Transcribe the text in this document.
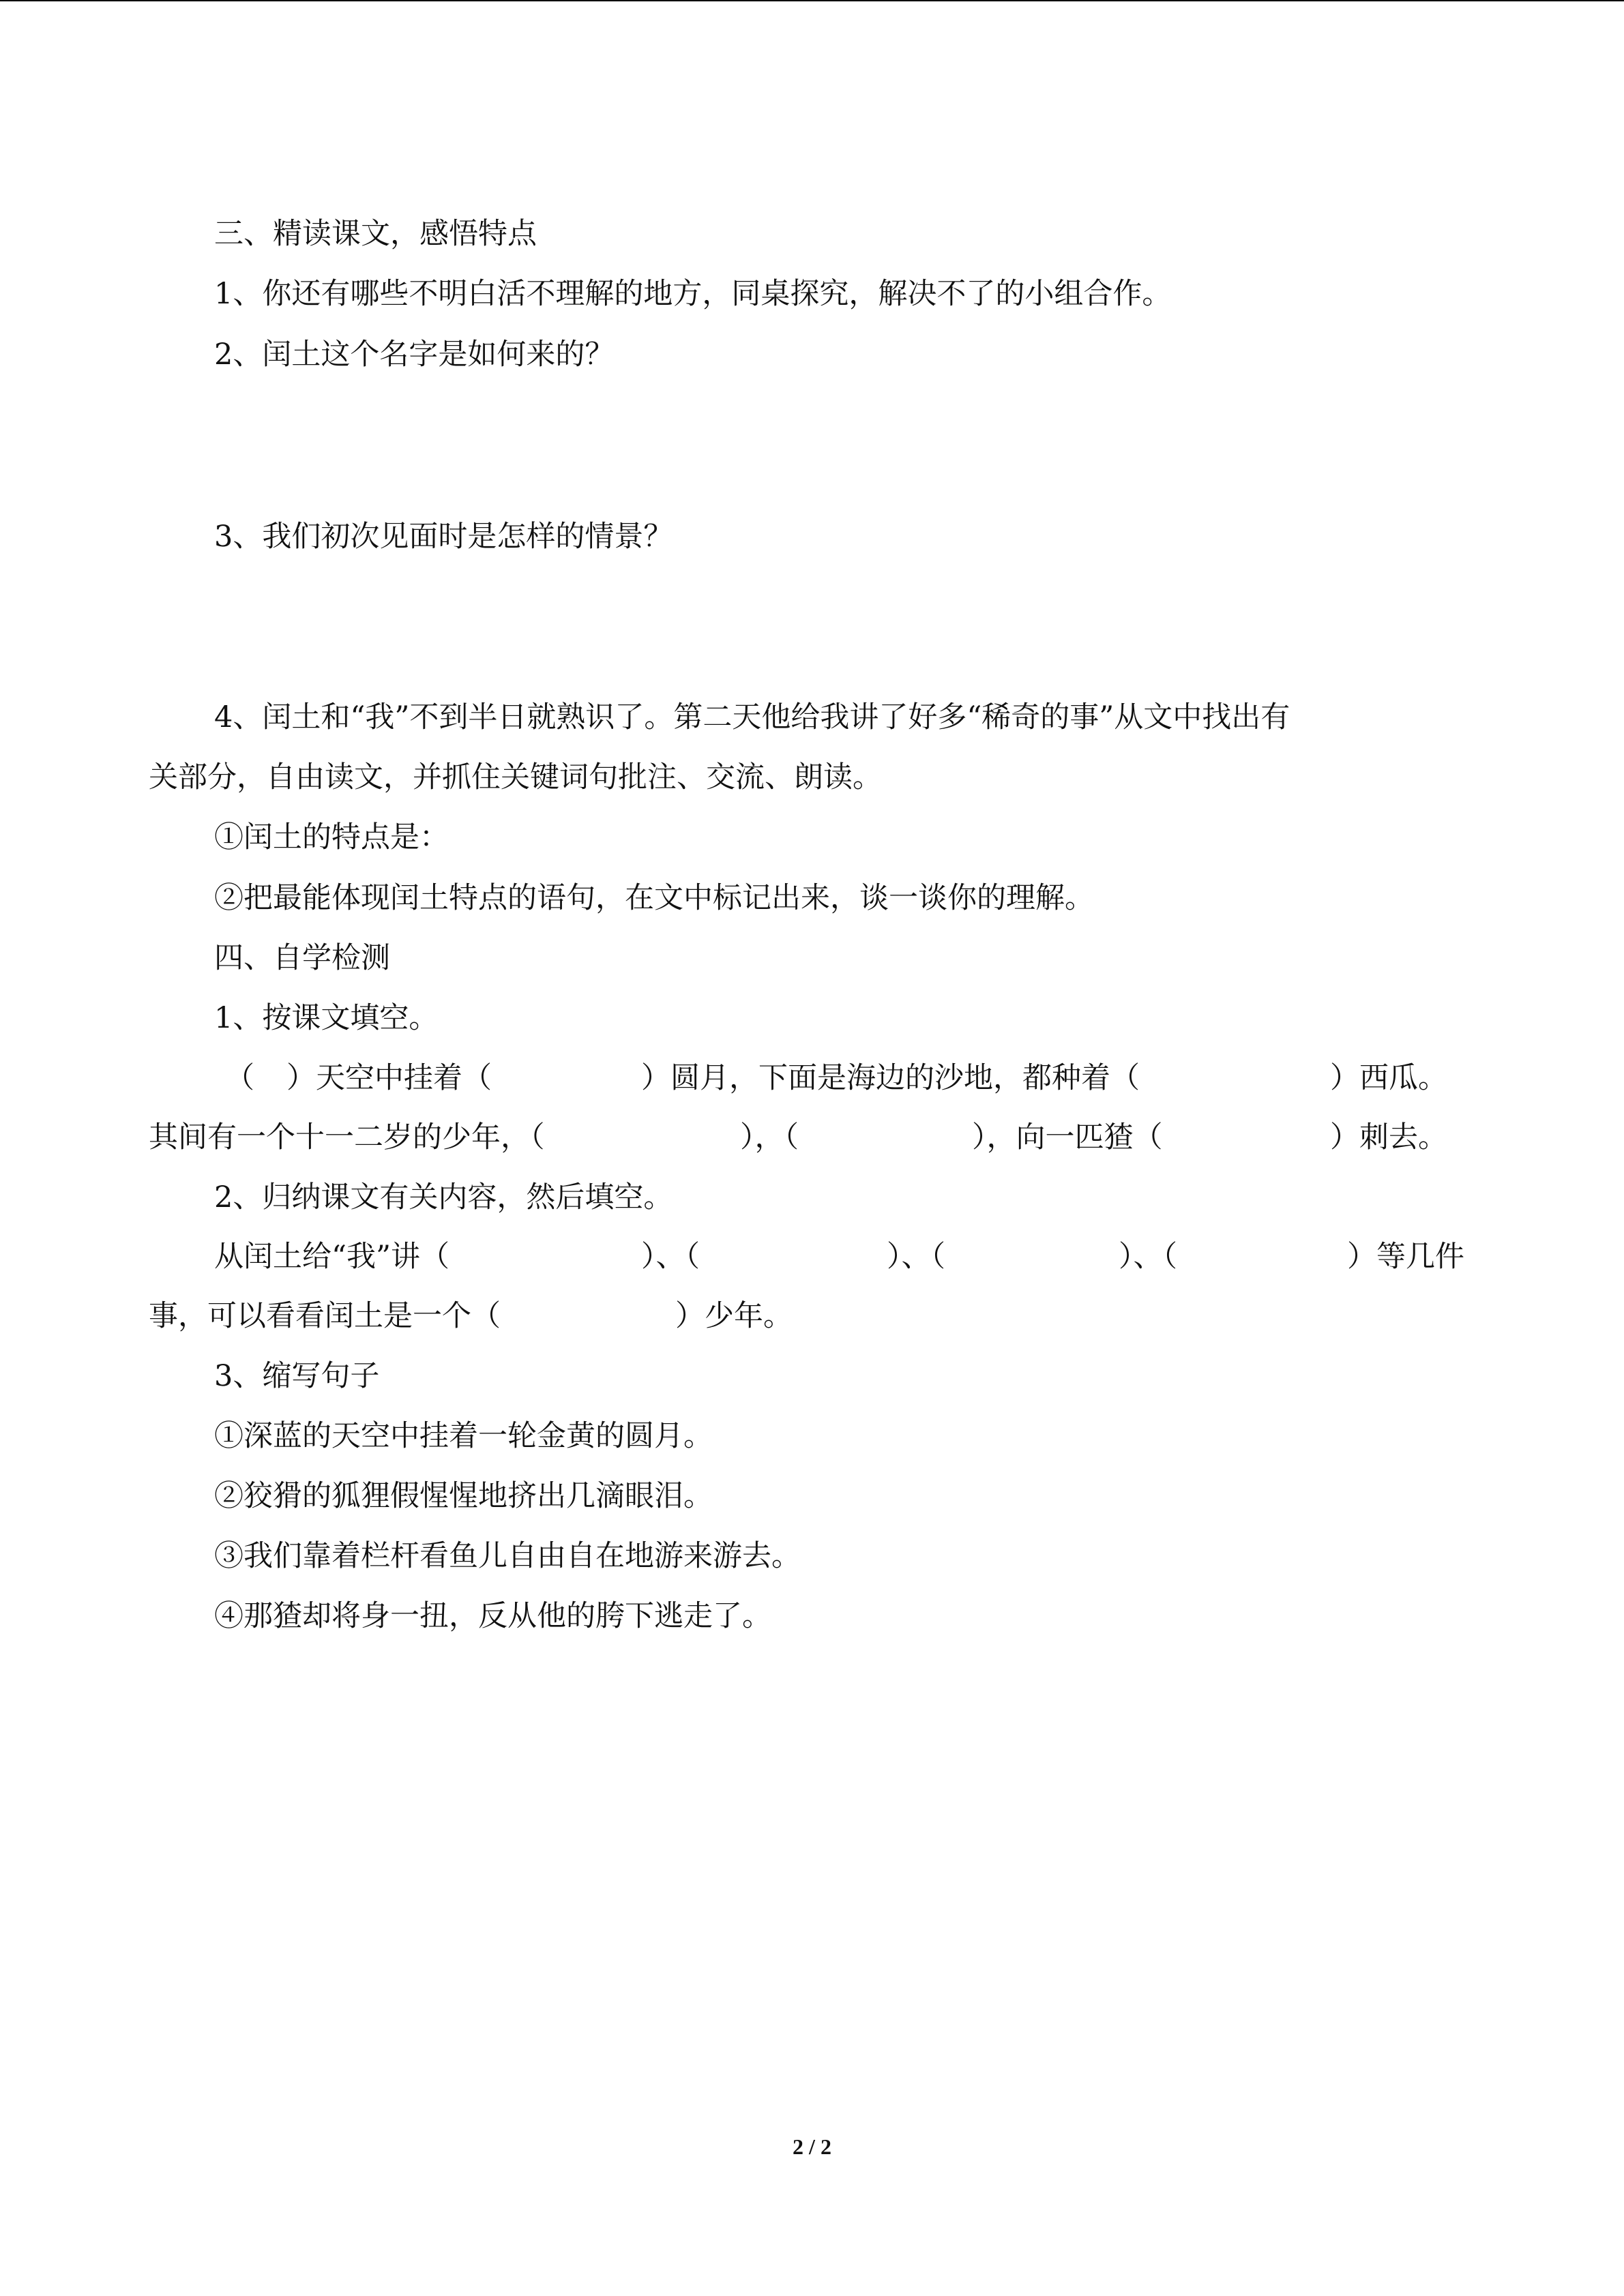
三、精读课文，感悟特点
1、你还有哪些不明白活不理解的地方，同桌探究，解决不了的小组合作。
2、闰土这个名字是如何来的？
3、我们初次见面时是怎样的情景？
4、闰土和“我”不到半日就熟识了。第二天他给我讲了好多“稀奇的事”从文中找出有
关部分，自由读文，并抓住关键词句批注、交流、朗读。
①闰土的特点是：
②把最能体现闰土特点的语句，在文中标记出来，谈一谈你的理解。
四、自学检测
1、按课文填空。
（ ）天空中挂着（	）圆月，下面是海边的沙地，都种着（	）西瓜。
其间有一个十一二岁的少年，（	），（	），向一匹猹（	）刺去。
2、归纳课文有关内容，然后填空。
从闰土给“我”讲（	）、（	）、（	）、（	）等几件
事，可以看看闰土是一个（	）少年。
3、缩写句子
①深蓝的天空中挂着一轮金黄的圆月。
②狡猾的狐狸假惺惺地挤出几滴眼泪。
③我们靠着栏杆看鱼儿自由自在地游来游去。
④那猹却将身一扭，反从他的胯下逃走了。
2 / 2
